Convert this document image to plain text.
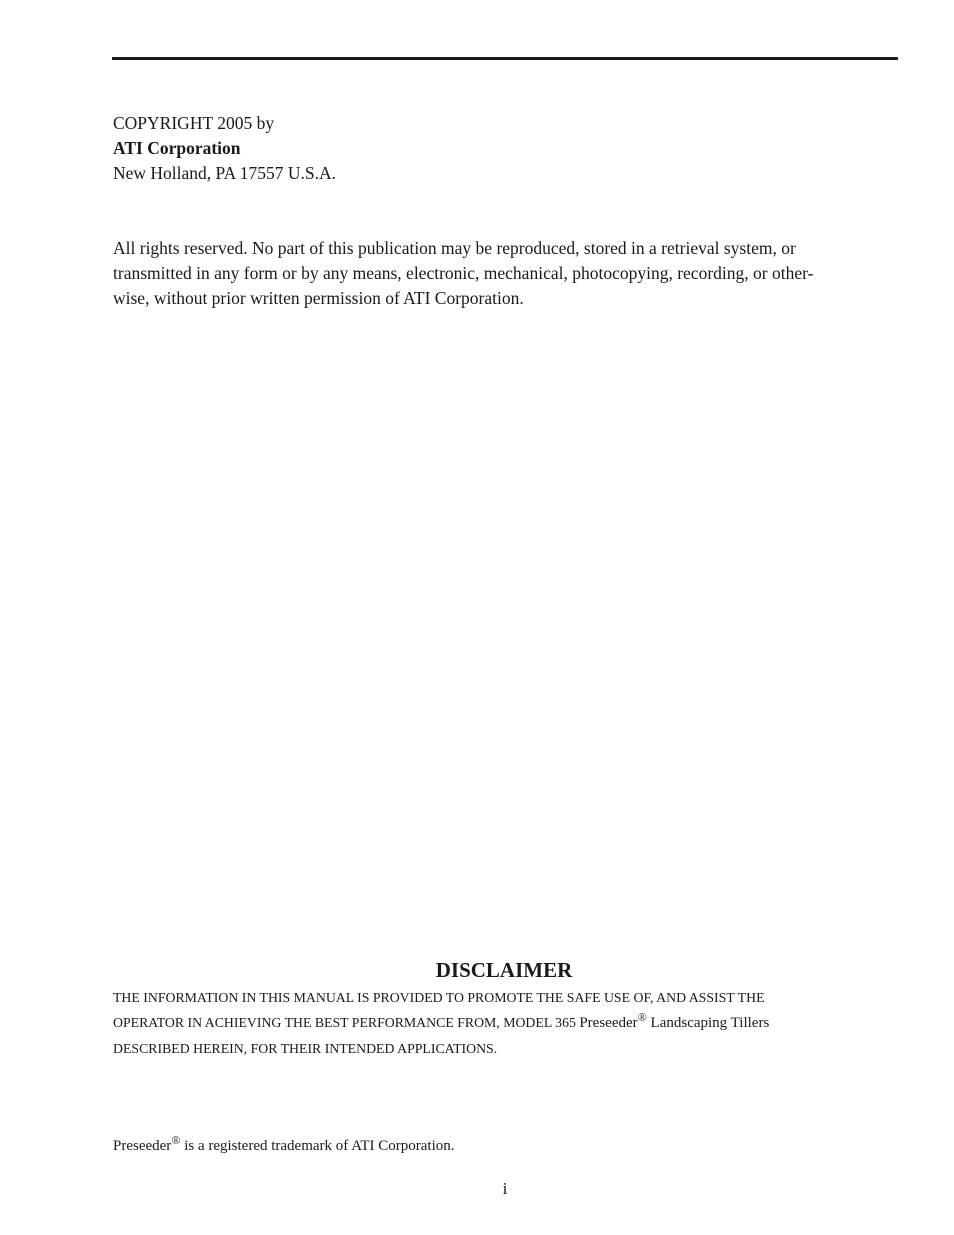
COPYRIGHT 2005 by
ATI Corporation
New Holland, PA 17557 U.S.A.
All rights reserved. No part of this publication may be reproduced, stored in a retrieval system, or
transmitted in any form or by any means, electronic, mechanical, photocopying, recording, or other-
wise, without prior written permission of ATI Corporation.
DISCLAIMER
THE INFORMATION IN THIS MANUAL IS PROVIDED TO PROMOTE THE SAFE USE OF, AND ASSIST THE
OPERATOR IN ACHIEVING THE BEST PERFORMANCE FROM, MODEL 365 Preseeder® Landscaping Tillers
DESCRIBED HEREIN, FOR THEIR INTENDED APPLICATIONS.
Preseeder® is a registered trademark of ATI Corporation.
i
